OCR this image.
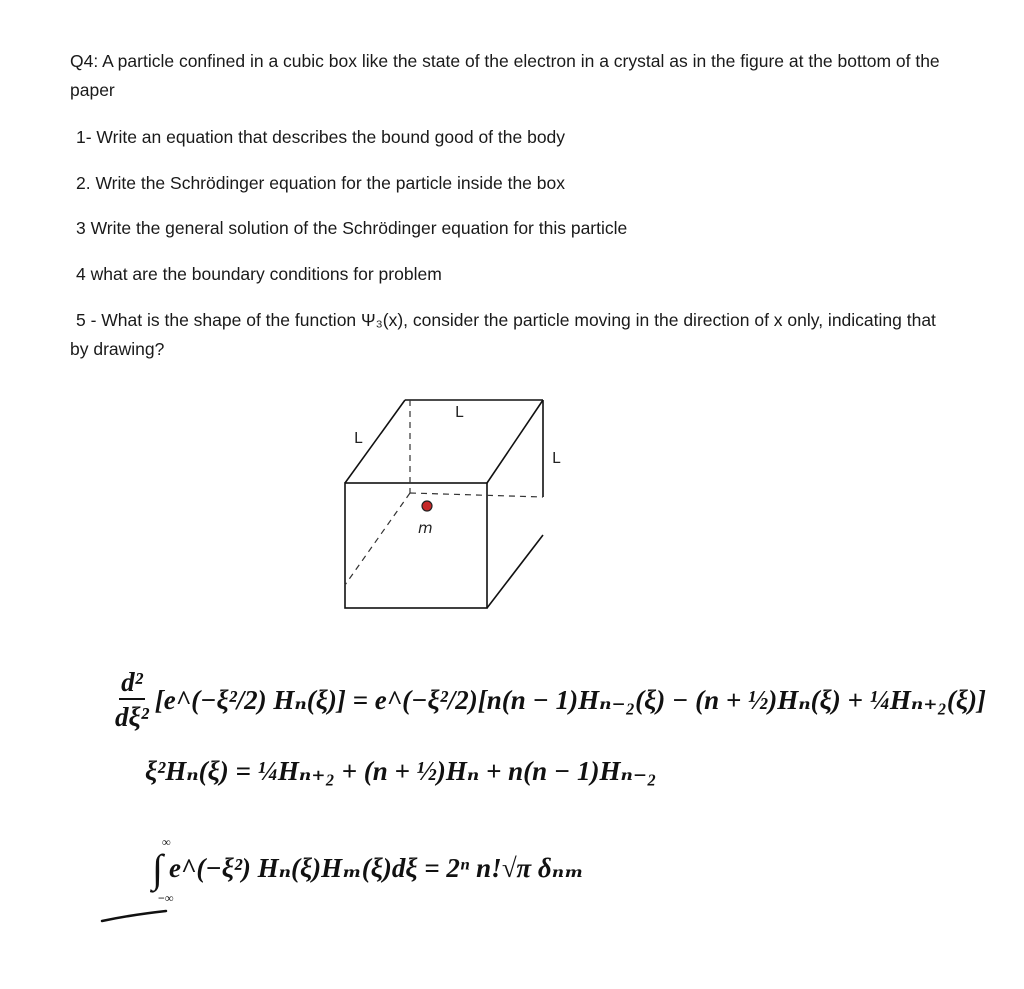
Q4: A particle confined in a cubic box like the state of the electron in a crystal as in the figure at the bottom of the paper

1- Write an equation that describes the bound good of the body

2. Write the Schrödinger equation for the particle inside the box

3 Write the general solution of the Schrödinger equation for this particle

4 what are the boundary conditions for problem

5 - What is the shape of the function Ψ₃(x), consider the particle moving in the direction of x only, indicating that by drawing?

L
L
L
m
$\frac{\text{d²}}{\text{dξ²}}$ [e^(−ξ²/2) Hₙ(ξ)] = e^(−ξ²/2)[n(n − 1)Hₙ₋₂(ξ) − (n + ½)Hₙ(ξ) + ¼Hₙ₊₂(ξ)]
ξ²Hₙ(ξ) = ¼Hₙ₊₂ + (n + ½)Hₙ + n(n − 1)Hₙ₋₂
∫
∞
−∞
e^(−ξ²) Hₙ(ξ)Hₘ(ξ)dξ = 2ⁿ n!√π δₙₘ
